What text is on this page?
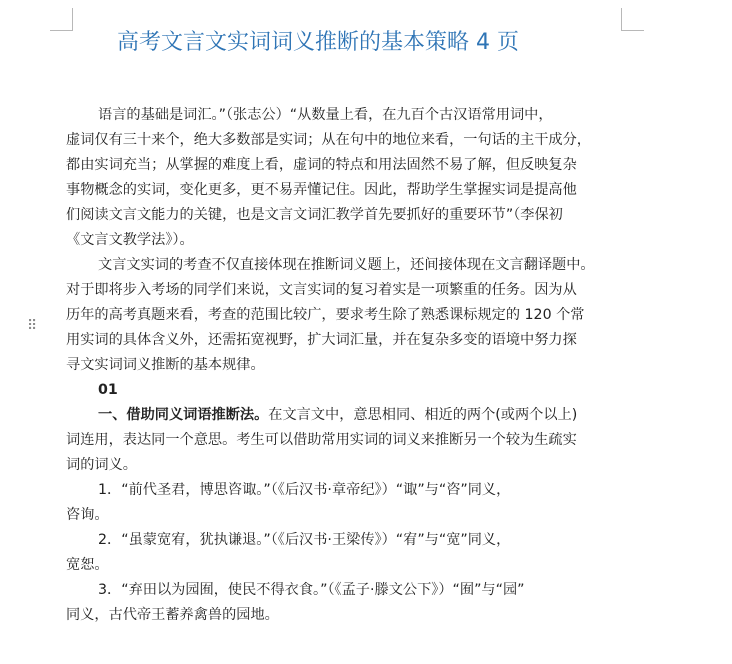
⠿
高考文言文实词词义推断的基本策略 4 页
语言的基础是词汇。”（张志公）“从数量上看，在九百个古汉语常用词中，
虚词仅有三十来个，绝大多数部是实词；从在句中的地位来看，一句话的主干成分，
都由实词充当；从掌握的难度上看，虚词的特点和用法固然不易了解，但反映复杂
事物概念的实词，变化更多，更不易弄懂记住。因此，帮助学生掌握实词是提高他
们阅读文言文能力的关键，也是文言文词汇教学首先要抓好的重要环节”（李保初
《文言文教学法》）。
文言文实词的考查不仅直接体现在推断词义题上，还间接体现在文言翻译题中。
对于即将步入考场的同学们来说，文言实词的复习着实是一项繁重的任务。因为从
历年的高考真题来看，考查的范围比较广，要求考生除了熟悉课标规定的 120 个常
用实词的具体含义外，还需拓宽视野，扩大词汇量，并在复杂多变的语境中努力探
寻文实词词义推断的基本规律。
01
一、借助同义词语推断法。在文言文中，意思相同、相近的两个(或两个以上)
词连用，表达同一个意思。考生可以借助常用实词的词义来推断另一个较为生疏实
词的词义。
1．“前代圣君，博思咨诹。”（《后汉书·章帝纪》）“诹”与“咨”同义，
咨询。
2．“虽蒙宽宥，犹执谦退。”（《后汉书·王梁传》）“宥”与“宽”同义，
宽恕。
3．“弃田以为园囿，使民不得衣食。”（《孟子·滕文公下》）“囿”与“园”
同义，古代帝王蓄养禽兽的园地。
